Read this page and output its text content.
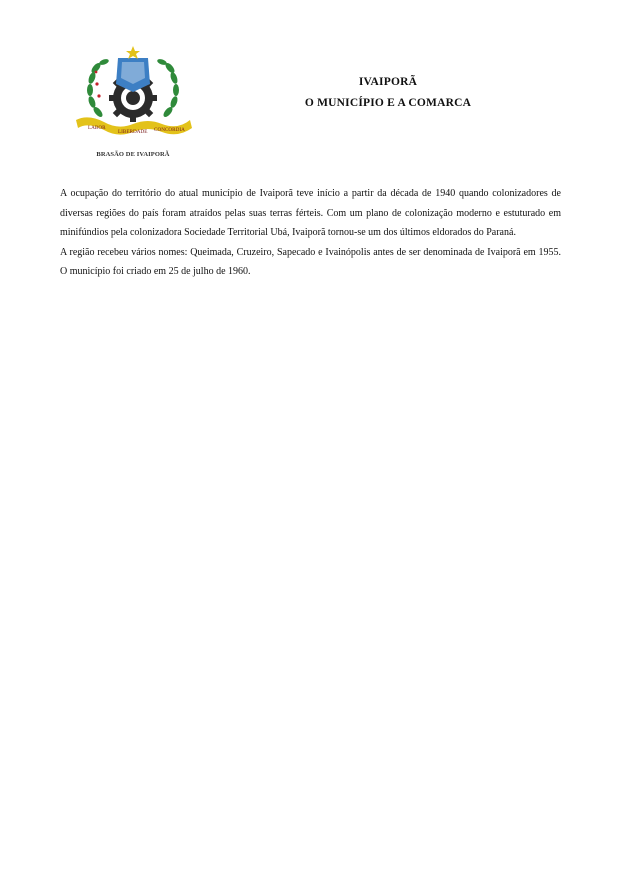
LABOR
LIBERDADE CONCORDIA
BRASÃO DE IVAIPORÃ
IVAIPORÃ
O MUNICÍPIO E A COMARCA

A ocupação do território do atual município de Ivaiporã teve início a partir da década de 1940 quando colonizadores de diversas regiões do país foram atraídos pelas suas terras férteis. Com um plano de colonização moderno e estuturado em minifúndios pela colonizadora Sociedade Territorial Ubá, Ivaiporã tornou-se um dos últimos eldorados do Paraná.

A região recebeu vários nomes: Queimada, Cruzeiro, Sapecado e Ivainópolis antes de ser denominada de Ivaiporã em 1955. O município foi criado em 25 de julho de 1960.
